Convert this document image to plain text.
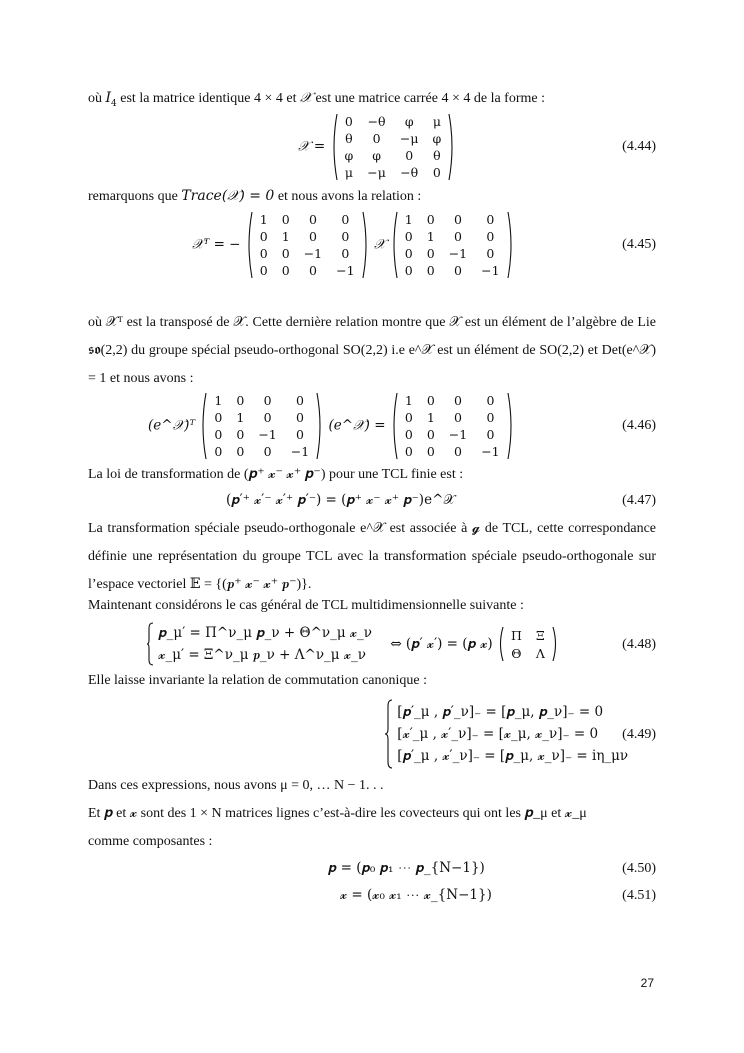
où $I_4$ est la matrice identique 4 × 4 et 𝒳 est une matrice carrée 4 × 4 de la forme :
𝒳 =
0	−θ	φ	μ
θ	0	−μ	φ
φ	φ	0	θ
μ	−μ	−θ	0
(4.44)
remarquons que Trace(𝒳) = 0 et nous avons la relation :
𝒳ᵀ = −
1	0	0	0
0	1	0	0
0	0	−1	0
0	0	0	−1
𝒳
1	0	0	0
0	1	0	0
0	0	−1	0
0	0	0	−1
(4.45)
où 𝒳ᵀ est la transposé de 𝒳. Cette dernière relation montre que 𝒳 est un élément de l’algèbre de Lie 𝖘𝖔(2,2) du groupe spécial pseudo-orthogonal SO(2,2) i.e e^𝒳 est un élément de SO(2,2) et Det(e^𝒳) = 1 et nous avons :
(e^𝒳)ᵀ
1	0	0	0
0	1	0	0
0	0	−1	0
0	0	0	−1
(e^𝒳) =
1	0	0	0
0	1	0	0
0	0	−1	0
0	0	0	−1
(4.46)
La loi de transformation de (𝒑⁺ 𝔁⁻ 𝔁⁺ 𝒑⁻) pour une TCL finie est :
(𝒑′⁺ 𝔁′⁻ 𝔁′⁺ 𝒑′⁻) = (𝒑⁺ 𝔁⁻ 𝔁⁺ 𝒑⁻)e^𝒳	(4.47)
La transformation spéciale pseudo-orthogonale e^𝒳 est associée à 𝓰 de TCL, cette correspondance définie une représentation du groupe TCL avec la transformation spéciale pseudo-orthogonale sur l’espace vectoriel 𝔼 = {(𝒑⁺ 𝔁⁻ 𝔁⁺ 𝒑⁻)}.
Maintenant considérons le cas général de TCL multidimensionnelle suivante :

𝒑_μ′ = Π^ν_μ 𝒑_ν + Θ^ν_μ 𝔁_ν
𝔁_μ′ = Ξ^ν_μ 𝒑_ν + Λ^ν_μ 𝔁_ν
⇔ (𝒑′ 𝔁′) = (𝒑 𝔁)
Π	Ξ
Θ	Λ
(4.48)
Elle laisse invariante la relation de commutation canonique :

[𝒑′_μ , 𝒑′_ν]₋ = [𝒑_μ, 𝒑_ν]₋ = 0
[𝔁′_μ , 𝔁′_ν]₋ = [𝔁_μ, 𝔁_ν]₋ = 0
[𝒑′_μ , 𝔁′_ν]₋ = [𝒑_μ, 𝔁_ν]₋ = iη_μν
(4.49)
Dans ces expressions, nous avons μ = 0, … N − 1. . .
Et 𝒑 et 𝔁 sont des 1 × N matrices lignes c’est-à-dire les covecteurs qui ont les 𝒑_μ et 𝔁_μ
comme composantes :
𝒑 = (𝒑₀ 𝒑₁ ⋯ 𝒑_{N−1})	(4.50)
𝔁 = (𝔁₀ 𝔁₁ ⋯ 𝔁_{N−1})	(4.51)
27
